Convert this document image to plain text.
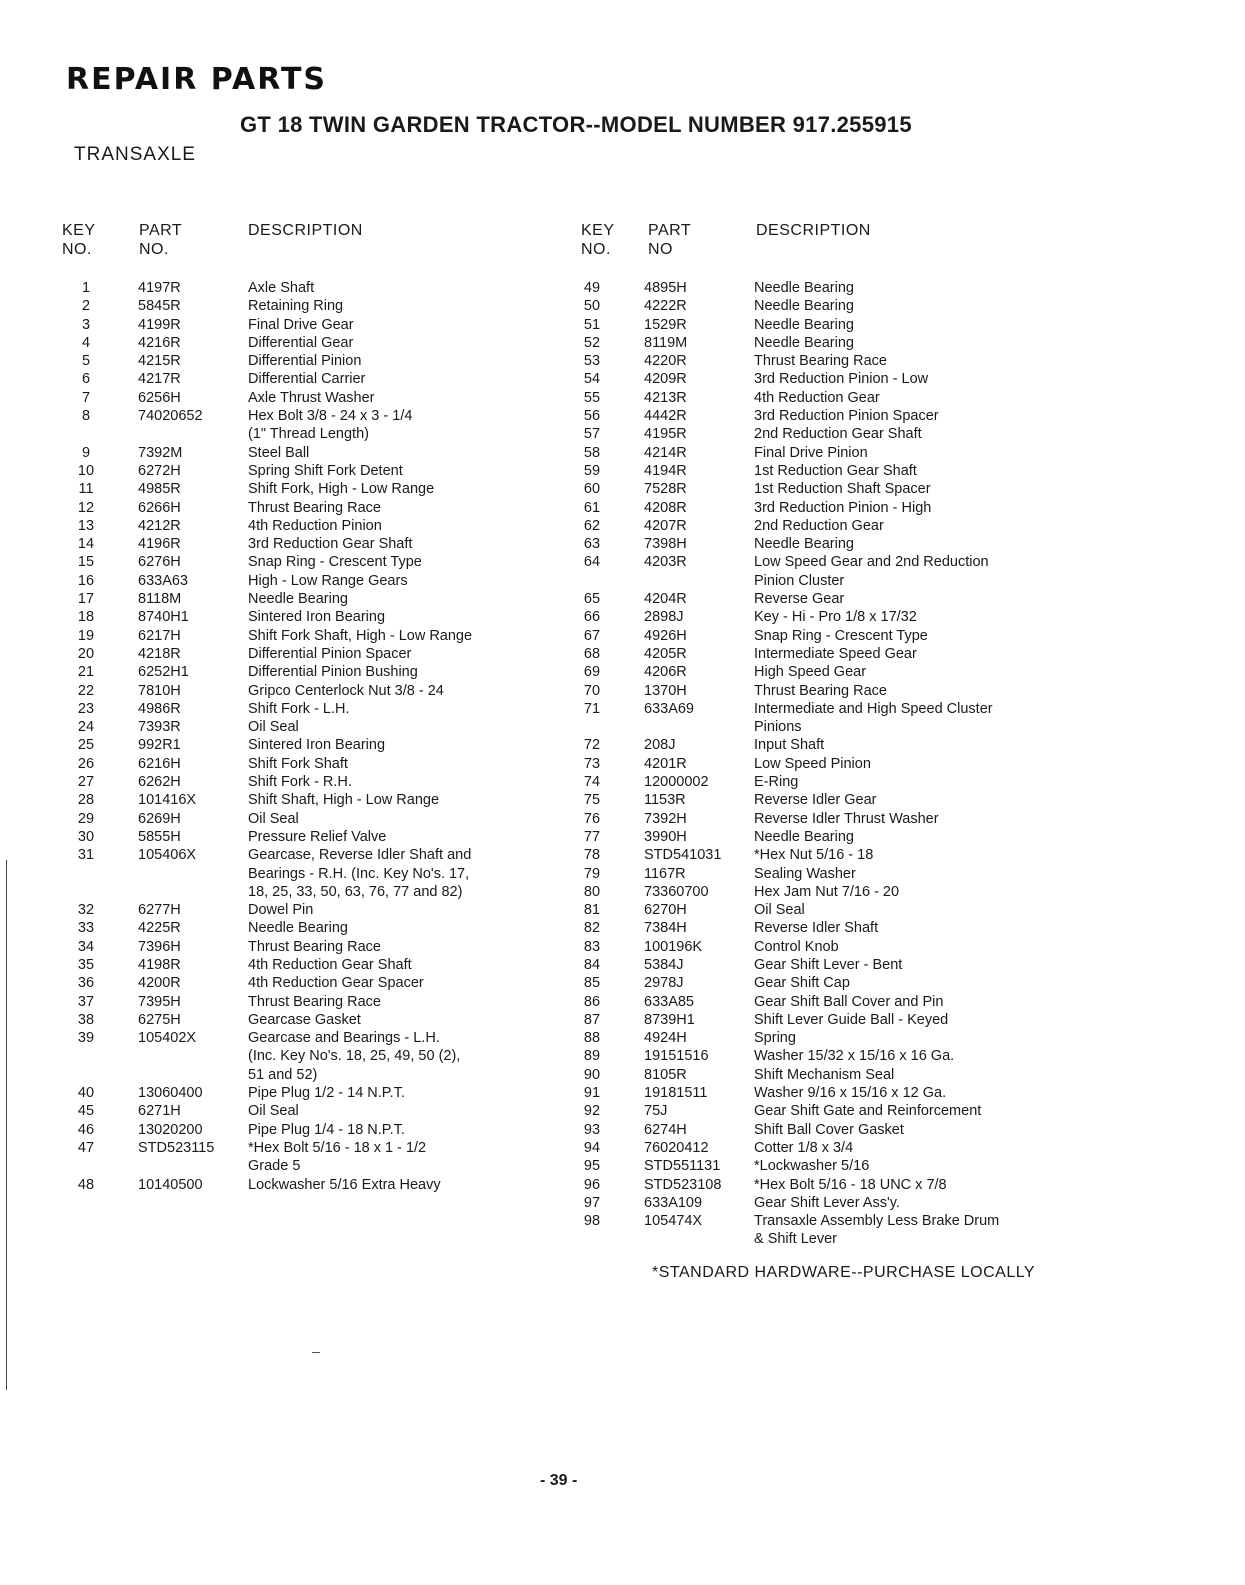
REPAIR PARTS
GT 18 TWIN GARDEN TRACTOR--MODEL NUMBER 917.255915
TRANSAXLE
KEY
NO.
PART
NO.
DESCRIPTION	KEY
NO.
PART
NO
DESCRIPTION
1	4197R	Axle Shaft
2	5845R	Retaining Ring
3	4199R	Final Drive Gear
4	4216R	Differential Gear
5	4215R	Differential Pinion
6	4217R	Differential Carrier
7	6256H	Axle Thrust Washer
8	74020652	Hex Bolt 3/8 - 24 x 3 - 1/4
(1" Thread Length)
9	7392M	Steel Ball
10	6272H	Spring Shift Fork Detent
11	4985R	Shift Fork, High - Low Range
12	6266H	Thrust Bearing Race
13	4212R	4th Reduction Pinion
14	4196R	3rd Reduction Gear Shaft
15	6276H	Snap Ring - Crescent Type
16	633A63	High - Low Range Gears
17	8118M	Needle Bearing
18	8740H1	Sintered Iron Bearing
19	6217H	Shift Fork Shaft, High - Low Range
20	4218R	Differential Pinion Spacer
21	6252H1	Differential Pinion Bushing
22	7810H	Gripco Centerlock Nut 3/8 - 24
23	4986R	Shift Fork - L.H.
24	7393R	Oil Seal
25	992R1	Sintered Iron Bearing
26	6216H	Shift Fork Shaft
27	6262H	Shift Fork - R.H.
28	101416X	Shift Shaft, High - Low Range
29	6269H	Oil Seal
30	5855H	Pressure Relief Valve
31	105406X	Gearcase, Reverse Idler Shaft and
Bearings - R.H. (Inc. Key No's. 17,
18, 25, 33, 50, 63, 76, 77 and 82)
32	6277H	Dowel Pin
33	4225R	Needle Bearing
34	7396H	Thrust Bearing Race
35	4198R	4th Reduction Gear Shaft
36	4200R	4th Reduction Gear Spacer
37	7395H	Thrust Bearing Race
38	6275H	Gearcase Gasket
39	105402X	Gearcase and Bearings - L.H.
(Inc. Key No's. 18, 25, 49, 50 (2),
51 and 52)
40	13060400	Pipe Plug 1/2 - 14 N.P.T.
45	6271H	Oil Seal
46	13020200	Pipe Plug 1/4 - 18 N.P.T.
47	STD523115 *Hex Bolt 5/16 - 18 x 1 - 1/2
Grade 5
48	10140500	Lockwasher 5/16 Extra Heavy
49	4895H	Needle Bearing
50	4222R	Needle Bearing
51	1529R	Needle Bearing
52	8119M	Needle Bearing
53	4220R	Thrust Bearing Race
54	4209R	3rd Reduction Pinion - Low
55	4213R	4th Reduction Gear
56	4442R	3rd Reduction Pinion Spacer
57	4195R	2nd Reduction Gear Shaft
58	4214R	Final Drive Pinion
59	4194R	1st Reduction Gear Shaft
60	7528R	1st Reduction Shaft Spacer
61	4208R	3rd Reduction Pinion - High
62	4207R	2nd Reduction Gear
63	7398H	Needle Bearing
64	4203R	Low Speed Gear and 2nd Reduction
Pinion Cluster
65	4204R	Reverse Gear
66	2898J	Key - Hi - Pro 1/8 x 17/32
67	4926H	Snap Ring - Crescent Type
68	4205R	Intermediate Speed Gear
69	4206R	High Speed Gear
70	1370H	Thrust Bearing Race
71	633A69	Intermediate and High Speed Cluster
Pinions
72	208J	Input Shaft
73	4201R	Low Speed Pinion
74	12000002	E-Ring
75	1153R	Reverse Idler Gear
76	7392H	Reverse Idler Thrust Washer
77	3990H	Needle Bearing
78	STD541031 *Hex Nut 5/16 - 18
79	1167R	Sealing Washer
80	73360700	Hex Jam Nut 7/16 - 20
81	6270H	Oil Seal
82	7384H	Reverse Idler Shaft
83	100196K	Control Knob
84	5384J	Gear Shift Lever - Bent
85	2978J	Gear Shift Cap
86	633A85	Gear Shift Ball Cover and Pin
87	8739H1	Shift Lever Guide Ball - Keyed
88	4924H	Spring
89	19151516	Washer 15/32 x 15/16 x 16 Ga.
90	8105R	Shift Mechanism Seal
91	19181511	Washer 9/16 x 15/16 x 12 Ga.
92	75J	Gear Shift Gate and Reinforcement
93	6274H	Shift Ball Cover Gasket
94	76020412	Cotter 1/8 x 3/4
95	STD551131 *Lockwasher 5/16
96	STD523108 *Hex Bolt 5/16 - 18 UNC x 7/8
97	633A109	Gear Shift Lever Ass'y.
98	105474X	Transaxle Assembly Less Brake Drum
& Shift Lever
*STANDARD HARDWARE--PURCHASE LOCALLY
- 39 -
